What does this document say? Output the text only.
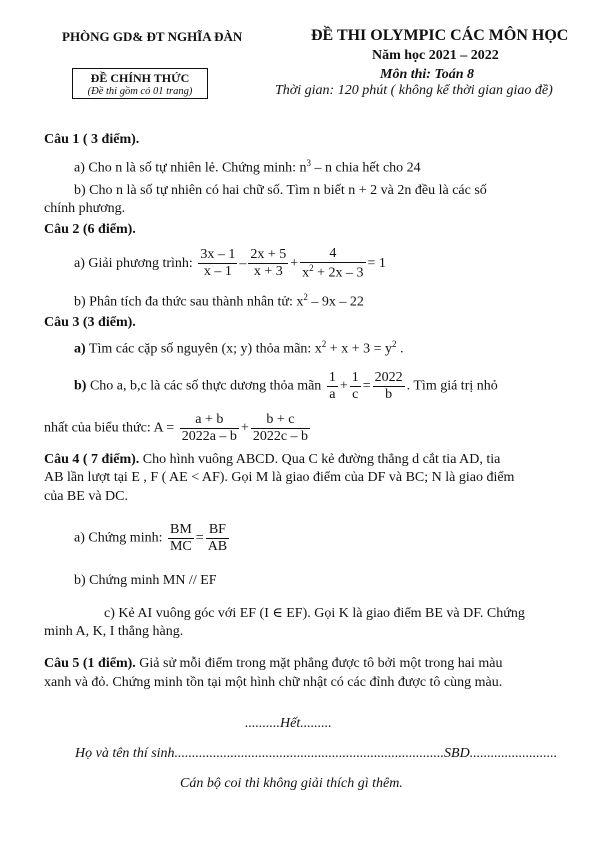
PHÒNG GD& ĐT NGHĨA ĐÀN
ĐỀ CHÍNH THỨC
(Đề thi gồm có 01 trang)
ĐỀ THI OLYMPIC CÁC MÔN HỌC
Năm học 2021 – 2022
Môn thi: Toán 8
Thời gian: 120 phút ( không kể thời gian giao đề)
Câu 1 ( 3 điểm).
a) Cho n là số tự nhiên lẻ. Chứng minh: $n^3$ – n chia hết cho 24
b) Cho n là số tự nhiên có hai chữ số. Tìm n biết n + 2 và 2n đều là các số
chính phương.
Câu 2 (6 điểm).
a) Giải phương trình: $\frac{3x - 1}{x - 1} - \frac{2x + 5}{x + 3} + \frac{4}{x^2 + 2x - 3} = 1$
b) Phân tích đa thức sau thành nhân tử: $x^2 - 9x - 22$
Câu 3 (3 điểm).
a) Tìm các cặp số nguyên (x; y) thỏa mãn: $x^2 + x + 3 = y^2$ .
b) Cho a, b,c là các số thực dương thỏa mãn $\frac{1}{a} + \frac{1}{c} = \frac{2022}{b}$ . Tìm giá trị nhỏ
nhất của biểu thức: $A = \frac{a + b}{2022a - b} + \frac{b + c}{2022c - b}$
Câu 4 ( 7 điểm). Cho hình vuông ABCD. Qua C kẻ đường thẳng d cắt tia AD, tia
AB lần lượt tại E , F ( AE < AF). Gọi M là giao điểm của DF và BC; N là giao điểm
của BE và DC.
a) Chứng minh: $\frac{BM}{MC} = \frac{BF}{AB}$
b) Chứng minh MN // EF
c) Kẻ AI vuông góc với EF (I ∈ EF). Gọi K là giao điểm BE và DF. Chứng
minh A, K, I thẳng hàng.
Câu 5 (1 điểm). Giả sử mỗi điểm trong mặt phẳng được tô bởi một trong hai màu
xanh và đỏ. Chứng minh tồn tại một hình chữ nhật có các đỉnh được tô cùng màu.
..........Hết.........
Họ và tên thí sinh.............................................................................SBD.........................
Cán bộ coi thi không giải thích gì thêm.
